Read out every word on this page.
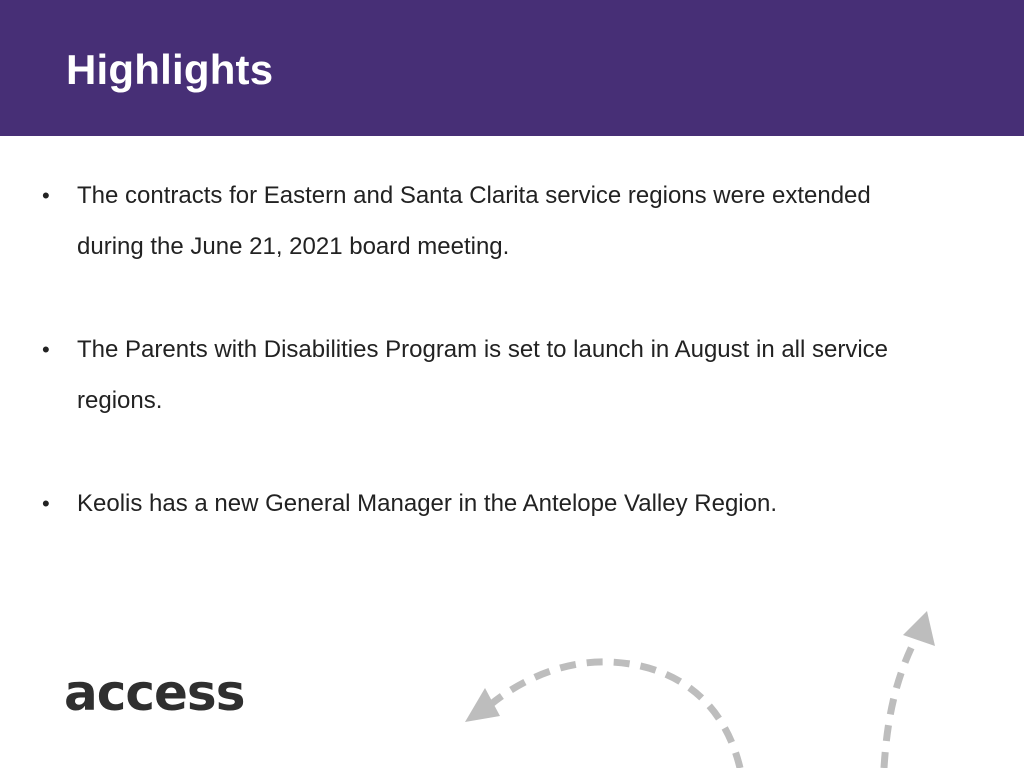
Highlights
•	The contracts for Eastern and Santa Clarita service regions were extended during the June 21, 2021 board meeting.
•	The Parents with Disabilities Program is set to launch in August in all service regions.
•	Keolis has a new General Manager in the Antelope Valley Region.
access
